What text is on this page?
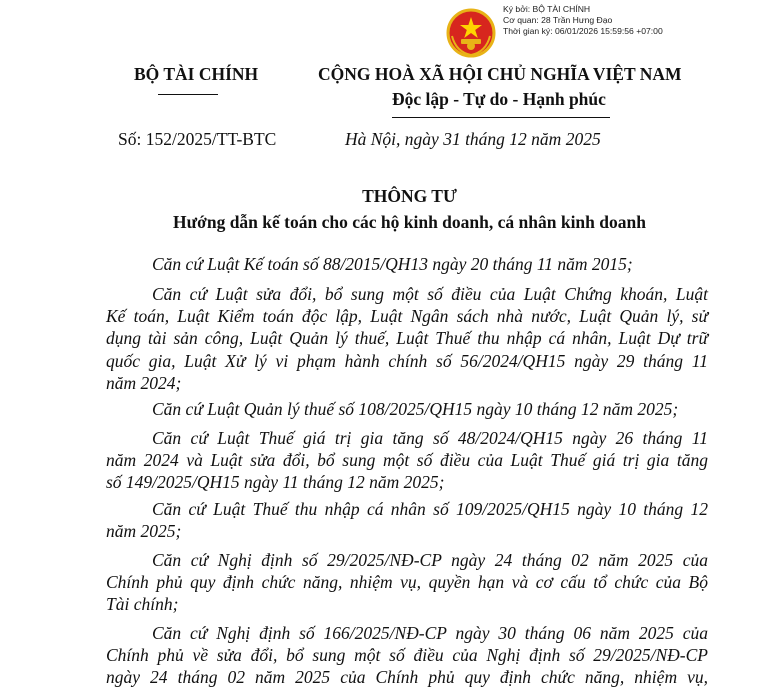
Ký bởi: BỘ TÀI CHÍNH
Cơ quan: 28 Trần Hưng Đạo
Thời gian ký: 06/01/2026 15:59:56 +07:00
BỘ TÀI CHÍNH	CỘNG HOÀ XÃ HỘI CHỦ NGHĨA VIỆT NAM
Độc lập - Tự do - Hạnh phúc
Số: 152/2025/TT-BTC	Hà Nội, ngày 31 tháng 12 năm 2025
THÔNG TƯ
Hướng dẫn kế toán cho các hộ kinh doanh, cá nhân kinh doanh
Căn cứ Luật Kế toán số 88/2015/QH13 ngày 20 tháng 11 năm 2015;
Căn cứ Luật sửa đổi, bổ sung một số điều của Luật Chứng khoán, Luật
Kế toán, Luật Kiểm toán độc lập, Luật Ngân sách nhà nước, Luật Quản lý, sử
dụng tài sản công, Luật Quản lý thuế, Luật Thuế thu nhập cá nhân, Luật Dự trữ
quốc gia, Luật Xử lý vi phạm hành chính số 56/2024/QH15 ngày 29 tháng 11
năm 2024;
Căn cứ Luật Quản lý thuế số 108/2025/QH15 ngày 10 tháng 12 năm 2025;
Căn cứ Luật Thuế giá trị gia tăng số 48/2024/QH15 ngày 26 tháng 11
năm 2024 và Luật sửa đổi, bổ sung một số điều của Luật Thuế giá trị gia tăng
số 149/2025/QH15 ngày 11 tháng 12 năm 2025;
Căn cứ Luật Thuế thu nhập cá nhân số 109/2025/QH15 ngày 10 tháng 12
năm 2025;
Căn cứ Nghị định số 29/2025/NĐ-CP ngày 24 tháng 02 năm 2025 của
Chính phủ quy định chức năng, nhiệm vụ, quyền hạn và cơ cấu tổ chức của Bộ
Tài chính;
Căn cứ Nghị định số 166/2025/NĐ-CP ngày 30 tháng 06 năm 2025 của
Chính phủ về sửa đổi, bổ sung một số điều của Nghị định số 29/2025/NĐ-CP
ngày 24 tháng 02 năm 2025 của Chính phủ quy định chức năng, nhiệm vụ,
